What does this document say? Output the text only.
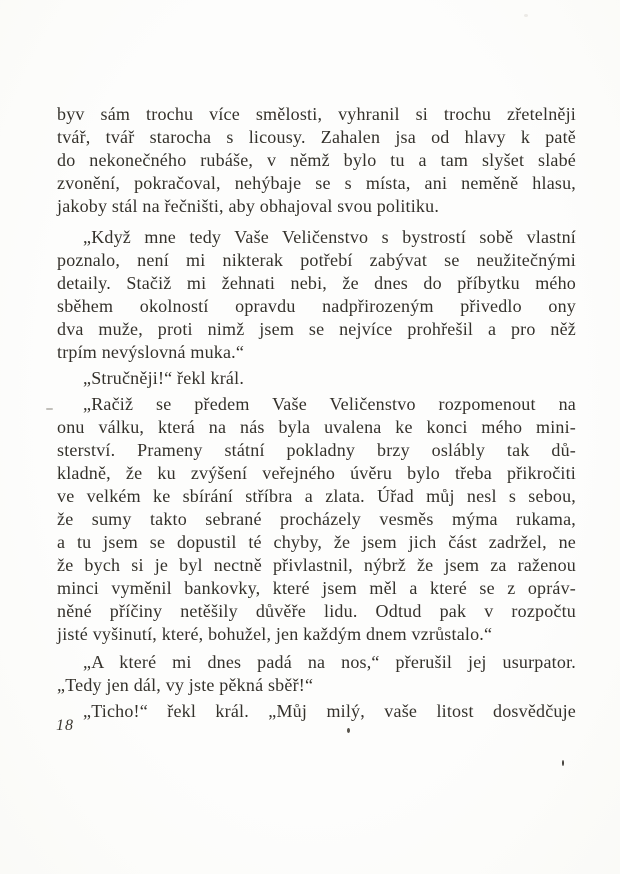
byv sám trochu více smělosti, vyhranil si trochu zřetelněji
tvář, tvář starocha s licousy. Zahalen jsa od hlavy k patě
do nekonečného rubáše, v němž bylo tu a tam slyšet slabé
zvonění, pokračoval, nehýbaje se s místa, ani neměně hlasu,
jakoby stál na řečništi, aby obhajoval svou politiku.

„Když mne tedy Vaše Veličenstvo s bystrostí sobě vlastní
poznalo, není mi nikterak potřebí zabývat se neužitečnými
detaily. Stačiž mi žehnati nebi, že dnes do příbytku mého
sběhem okolností opravdu nadpřirozeným přivedlo ony
dva muže, proti nimž jsem se nejvíce prohřešil a pro něž
trpím nevýslovná muka.“

„Stručněji!“ řekl král.

„Račiž se předem Vaše Veličenstvo rozpomenout na
onu válku, která na nás byla uvalena ke konci mého mini-
sterství. Prameny státní pokladny brzy oslábly tak dů-
kladně, že ku zvýšení veřejného úvěru bylo třeba přikročiti
ve velkém ke sbírání stříbra a zlata. Úřad můj nesl s sebou,
že sumy takto sebrané procházely vesměs mýma rukama,
a tu jsem se dopustil té chyby, že jsem jich část zadržel, ne
že bych si je byl nectně přivlastnil, nýbrž že jsem za raženou
minci vyměnil bankovky, které jsem měl a které se z opráv-
něné příčiny netěšily důvěře lidu. Odtud pak v rozpočtu
jisté vyšinutí, které, bohužel, jen každým dnem vzrůstalo.“

„A které mi dnes padá na nos,“ přerušil jej usurpator.
„Tedy jen dál, vy jste pěkná sběř!“

„Ticho!“ řekl král. „Můj milý, vaše litost dosvědčuje

18
